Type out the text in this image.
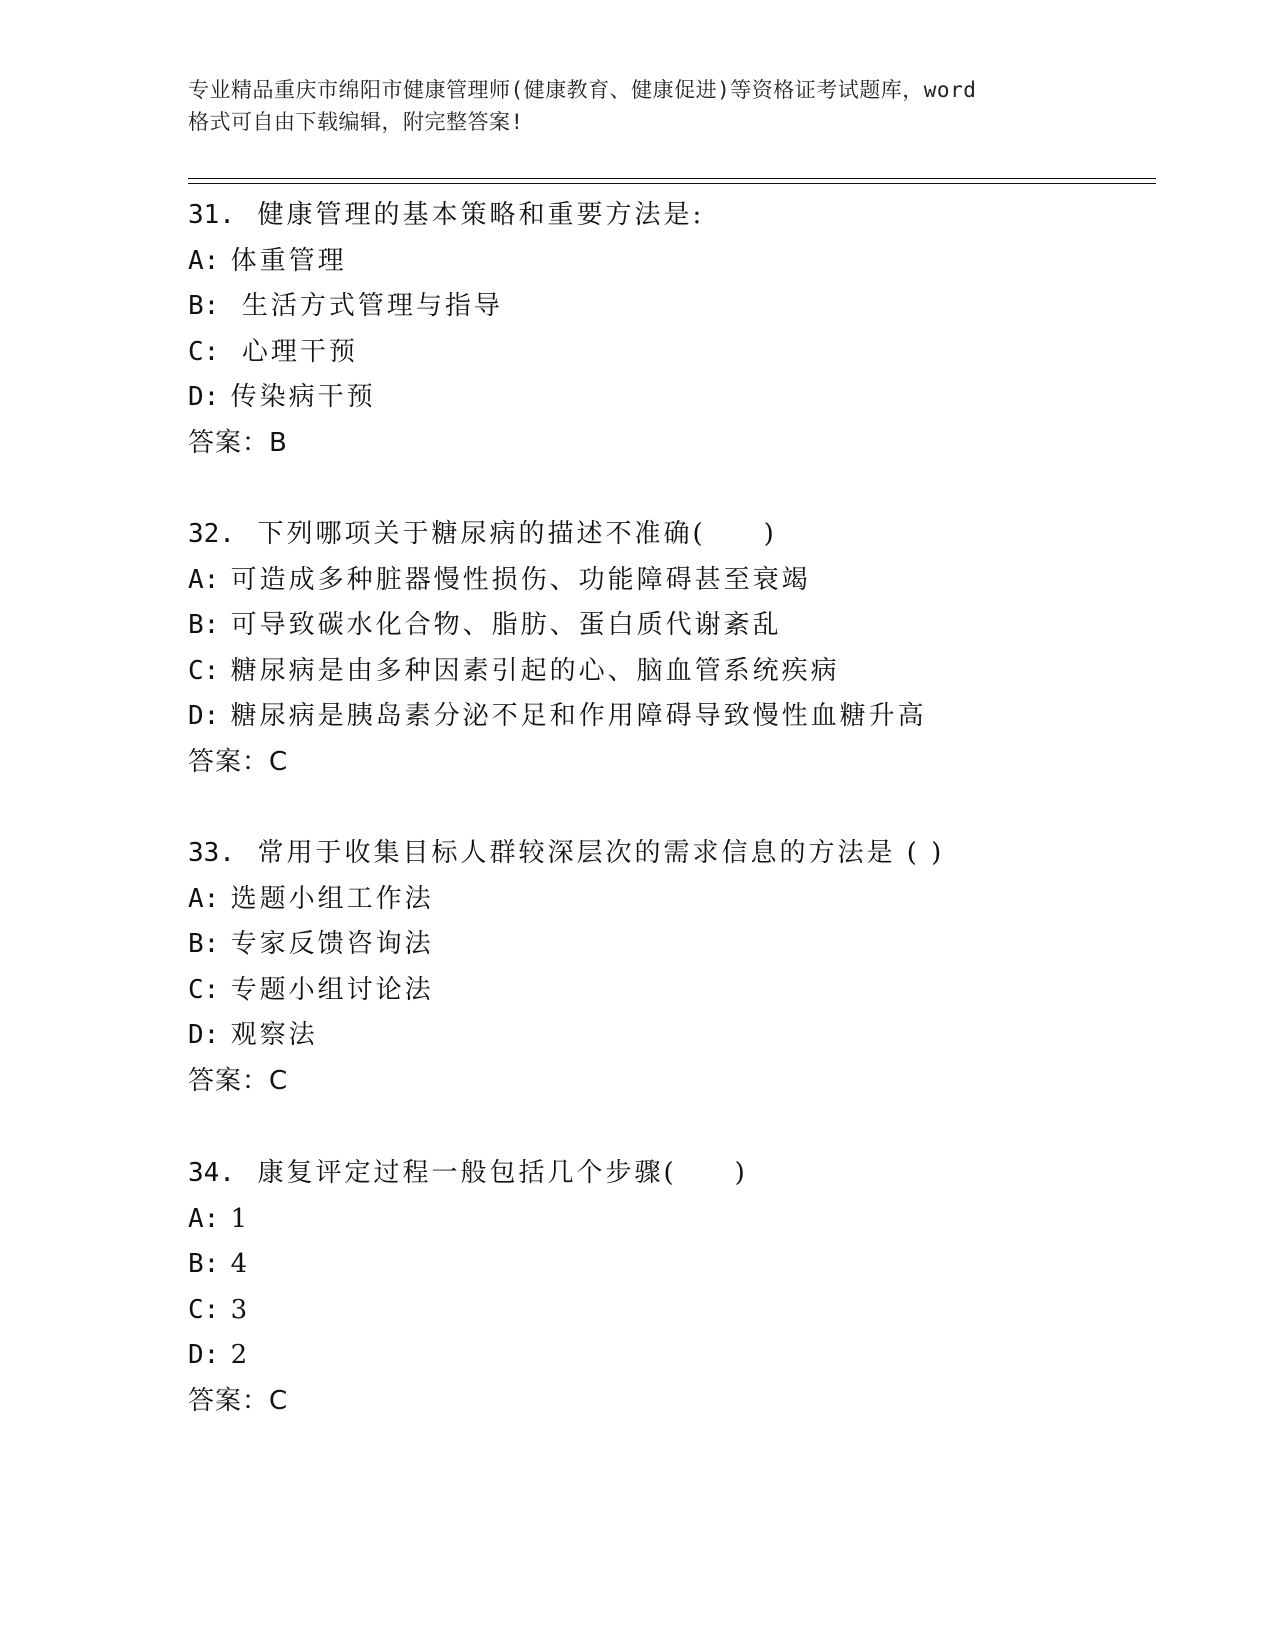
专业精品重庆市绵阳市健康管理师(健康教育、健康促进)等资格证考试题库，word
格式可自由下载编辑，附完整答案!
31. 健康管理的基本策略和重要方法是:
A: 体重管理
B:  生活方式管理与指导
C:  心理干预
D: 传染病干预
答案：B
32. 下列哪项关于糖尿病的描述不准确(　　)
A: 可造成多种脏器慢性损伤、功能障碍甚至衰竭
B: 可导致碳水化合物、脂肪、蛋白质代谢紊乱
C: 糖尿病是由多种因素引起的心、脑血管系统疾病
D: 糖尿病是胰岛素分泌不足和作用障碍导致慢性血糖升高
答案：C
33. 常用于收集目标人群较深层次的需求信息的方法是 ( )
A: 选题小组工作法
B: 专家反馈咨询法
C: 专题小组讨论法
D: 观察法
答案：C
34. 康复评定过程一般包括几个步骤(　　)
A: 1
B: 4
C: 3
D: 2
答案：C
